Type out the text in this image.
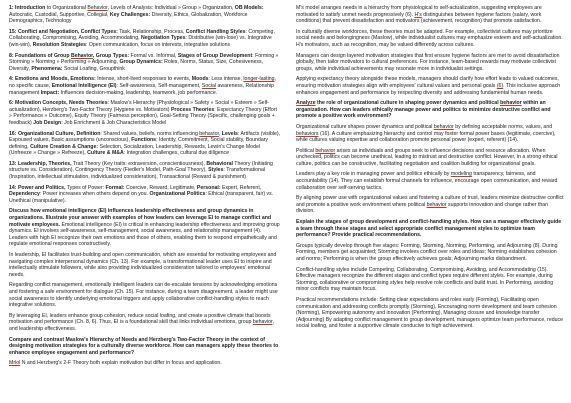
1: Introduction to Organizational Behavior, Levels of Analysis: Individual » Group » Organization, OB Models: Autocratic, Custodial, Supportive, Collegial, Key Challenges: Diversity, Ethics, Globalization, Workforce Demographics, Technology

15: Conflict and Negotiation, Conflict Types: Task, Relationship, Process, Conflict Handling Styles: Competing, Collaborating, Compromising, Avoiding, Accommodating, Negotiation Types: Distributive (win-lose) vs. Integrative (win-win), Resolution Strategies: Open communication, focus on interests, integrative solutions

8: Foundations of Group Behavior, Group Types: Formal vs. Informal, Stages of Group Development: Forming » Storming » Norming » Performing » Adjourning, Group Dynamics: Roles, Norms, Status, Size, Cohesiveness, Diversity, Phenomena: Social Loafing, Groupthink

4: Emotions and Moods, Emotions: Intense, short-lived responses to events, Moods: Less intense, longer-lasting, no specific cause, Emotional Intelligence (EI): Self-awareness, Self-management, Social awareness, Relationship management Impact: Influences decision-making, leadership, teamwork, job performance.

6: Motivation Concepts, Needs Theories: Maslow's Hierarchy (Physiological » Safety » Social » Esteem » Self-actualization), Herzberg's Two-Factor Theory (Hygiene vs. Motivators) Process Theories: Expectancy Theory (Effort » Performance » Outcome), Equity Theory (Fairness perception), Goal-Setting Theory (Specific, challenging goals + feedback) Job Design: Job Enrichment & Job Characteristics Model

16: Organizational Culture, Definition: Shared values, beliefs, norms influencing behavior, Levels: Artifacts (visible), Espoused values, Basic assumptions (unconscious), Functions: Identity, Commitment, Social stability, Boundary defining, Culture Creation & Change: Selection, Socialization, Leadership, Rewards, Lewin's Change Model (Unfreeze » Change » Refreeze), Culture & M&A: Integration challenges, cultural due diligence

13: Leadership, Theories, Trait Theory (Key traits: extraversion, conscientiousness), Behavioral Theory (Initiating structure vs. Consideration), Contingency Theory (Fiedler's Model, Path-Goal Theory), Styles: Transformational (Inspiration, intellectual stimulation, individualized consideration), Transactional (Reward & punishment)

14: Power and Politics, Types of Power: Formal: Coercive, Reward, Legitimate, Personal: Expert, Referent, Dependency: Power increases when others depend on you. Organizational Politics: Ethical (transparent, fair) vs. Unethical (manipulative).

Discuss how emotional intelligence (EI) influences leadership effectiveness and group dynamics in organizations. Illustrate your answer with examples of how leaders can leverage EI to manage conflict and motivate employees. Emotional intelligence (EI) is critical in enhancing leadership effectiveness and improving group dynamics. EI involves self-awareness, self-management, social awareness, and relationship management (4). Leaders with high EI recognize their own emotions and those of others, enabling them to respond empathetically and regulate emotional responses constructively.

In leadership, EI facilitates trust-building and open communication, which are essential for motivating employees and navigating complex interpersonal dynamics (Ch. 13). For example, a transformational leader uses EI to inspire and intellectually stimulate followers, while also providing individualized consideration tailored to employees' emotional needs.

Regarding conflict management, emotionally intelligent leaders can de-escalate tensions by acknowledging emotions and fostering a safe environment for dialogue (Ch. 15). For instance, during a team disagreement, a leader might use social awareness to identify underlying emotional triggers and apply collaborative conflict-handling styles to reach integrative solutions.

By leveraging EI, leaders enhance group cohesion, reduce social loafing, and create a positive climate that boosts motivation and performance (Ch. 8, 6). Thus, EI is a foundational skill that links individual emotions, group behavior, and leadership effectiveness.

Compare and contrast Maslow's Hierarchy of Needs and Herzberg's Two-Factor Theory in the context of designing motivation strategies for a culturally diverse workforce. How can managers apply these theories to enhance employee engagement and performance?

Mrlol N and Herzberg's 2-F Theory both explain motivation but differ in focus and application.

M's model arranges needs in a hierarchy from physiological to self-actualization, suggesting employees are motivated to satisfy unmet needs progressively (6). H's distinguishes between hygiene factors (salary, work conditions) that prevent dissatisfaction and motivators (achievement, recognition) that promote satisfaction.

In culturally diverse workforces, these theories must be adapted. For example, collectivist cultures may prioritize social needs and belongingness (Maslow), while individualist cultures may emphasize esteem and self-actualization. H's motivators, such as recognition, may be valued differently across cultures.

Managers can design layered motivation strategies that first ensure hygiene factors are met to avoid dissatisfaction globally, then tailor motivators to cultural preferences. For instance, team-based rewards may motivate collectivist groups, while individual achievements may resonate more in individualist settings.

Applying expectancy theory alongside these models, managers should clarify how effort leads to valued outcomes, ensuring motivation strategies align with employees' cultural values and personal goals (6). This inclusive approach enhances engagement and performance by respecting diversity and addressing fundamental human needs.

Analyze the role of organizational culture in shaping power dynamics and political behavior within an organization. How can leaders ethically manage power and politics to minimize destructive conflict and promote a positive work environment?

Organizational culture shapes power dynamics and political behavior by defining acceptable norms, values, and behaviors (16). A culture emphasizing hierarchy and control may foster formal power bases (legitimate, coercive), while cultures valuing expertise and collaboration promote personal power (expert, referent) (14).

Political behavior arises as individuals and groups seek to influence decisions and resource allocation. When unchecked, politics can become unethical, leading to mistrust and destructive conflict. However, in a strong ethical culture, politics can be constructive, facilitating negotiation and coalition building for organizational goals.

Leaders play a key role in managing power and politics ethically by modeling transparency, fairness, and accountability (14). They can establish formal channels for influence, encourage open communication, and reward collaboration over self-serving tactics.

By aligning power use with organizational values and fostering a culture of trust, leaders minimize destructive conflict and promote a positive work environment where political behavior supports innovation and change rather than division.

Explain the stages of group development and conflict-handling styles. How can a manager effectively guide a team through these stages and select appropriate conflict management styles to optimize team performance? Provide practical recommendations.

Groups typically develop through five stages: Forming, Storming, Norming, Performing, and Adjourning (8). During Forming, members get acquainted; Storming involves conflict over roles and ideas; Norming establishes cohesion and norms; Performing is when the group effectively achieves goals; Adjourning marks disbandment.

Conflict-handling styles include Competing, Collaborating, Compromising, Avoiding, and Accommodating (15). Effective managers recognize the different stages and conflict types require different styles. For example, during Storming, collaborative or compromising styles help resolve role conflicts and build trust. In Performing, avoiding minor conflicts may maintain focus.

Practical recommendations include: Setting clear expectations and roles early (Forming), Facilitating open communication and addressing conflicts promptly (Storming), Encouraging norm development and team cohesion (Norming), Empowering autonomy and innovation (Performing), Managing closure and knowledge transfer (Adjourning) By adapting conflict management to group development, managers optimize team performance, reduce social loafing, and foster a supportive climate conducive to high achievement.
